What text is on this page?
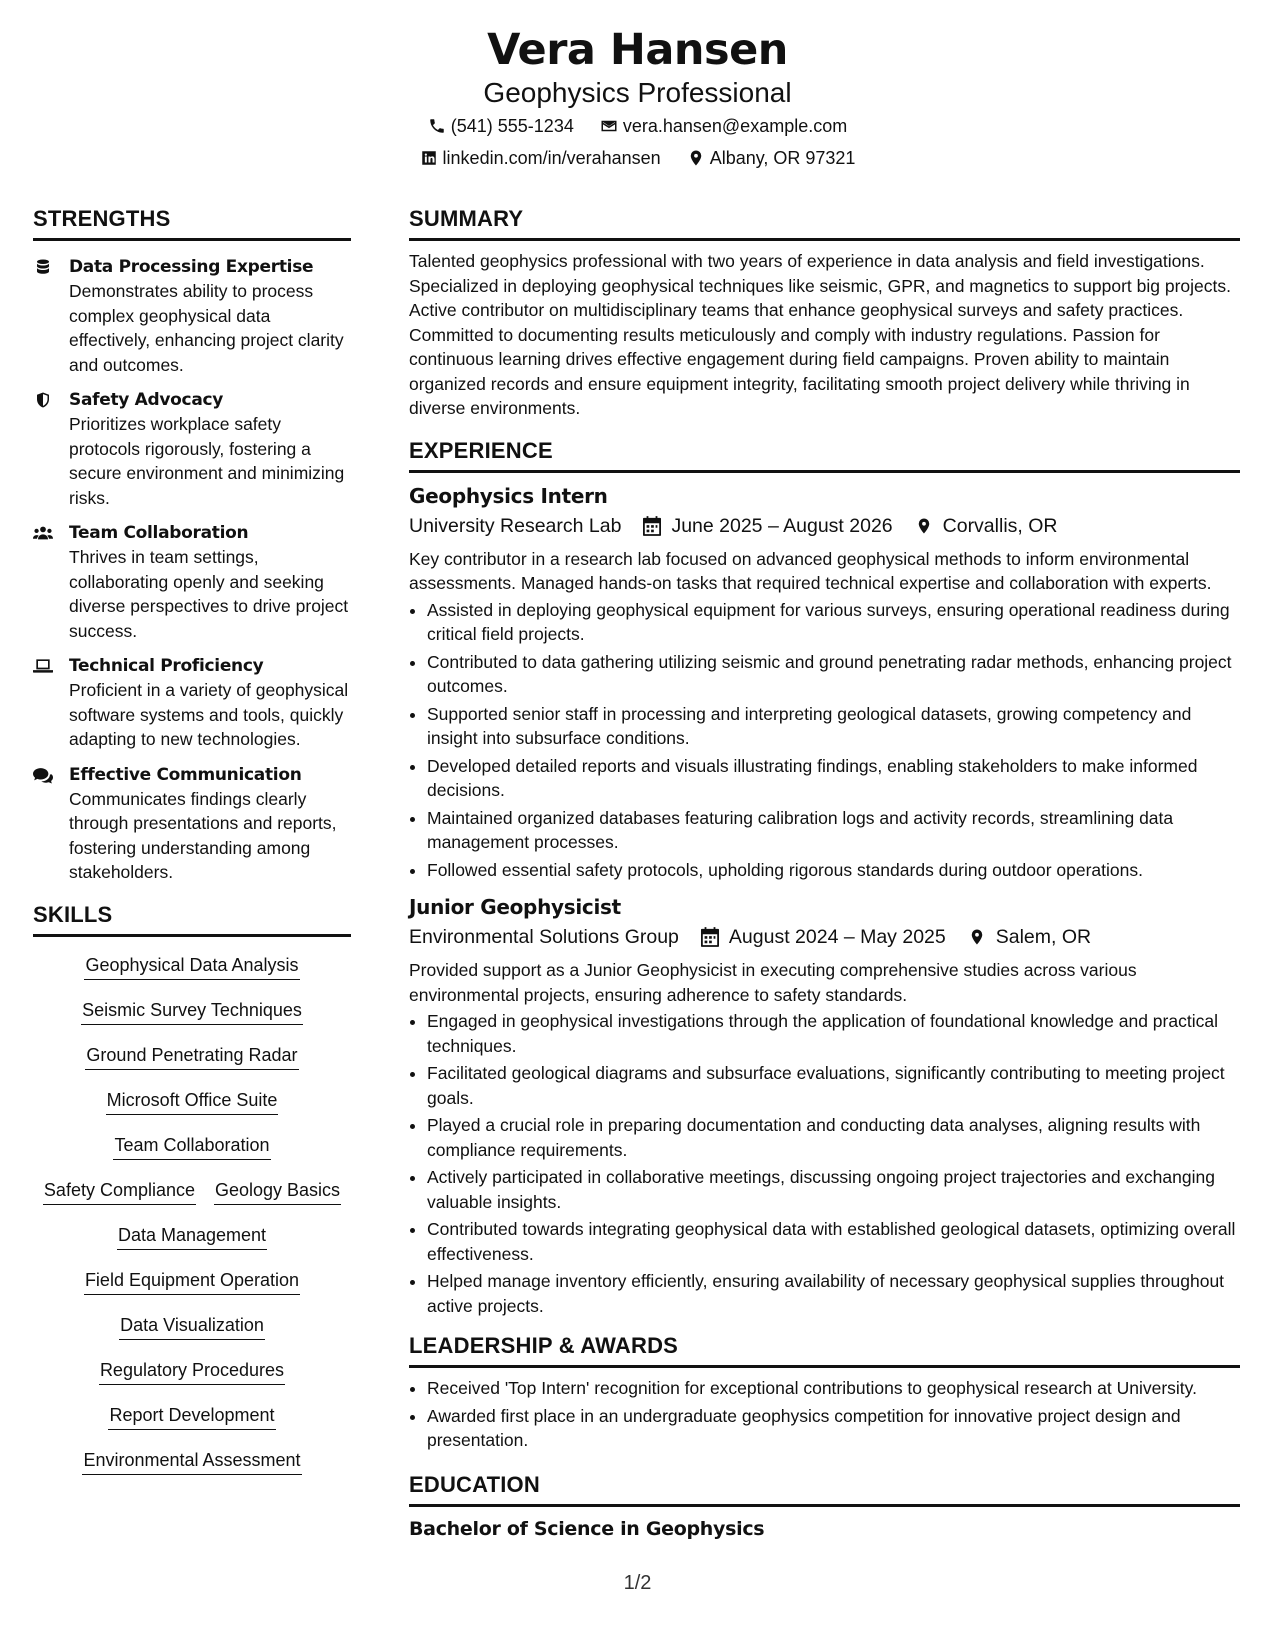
Vera Hansen
Geophysics Professional
(541) 555-1234	vera.hansen@example.com
linkedin.com/in/verahansen	Albany, OR 97321
STRENGTHS
Data Processing Expertise
Demonstrates ability to process complex geophysical data effectively, enhancing project clarity and outcomes.
Safety Advocacy
Prioritizes workplace safety protocols rigorously, fostering a secure environment and minimizing risks.
Team Collaboration
Thrives in team settings, collaborating openly and seeking diverse perspectives to drive project success.
Technical Proficiency
Proficient in a variety of geophysical software systems and tools, quickly adapting to new technologies.
Effective Communication
Communicates findings clearly through presentations and reports, fostering understanding among stakeholders.
SKILLS
Geophysical Data Analysis
Seismic Survey Techniques
Ground Penetrating Radar
Microsoft Office Suite
Team Collaboration
Safety Compliance Geology Basics
Data Management
Field Equipment Operation
Data Visualization
Regulatory Procedures
Report Development
Environmental Assessment
SUMMARY
Talented geophysics professional with two years of experience in data analysis and field investigations. Specialized in deploying geophysical techniques like seismic, GPR, and magnetics to support big projects. Active contributor on multidisciplinary teams that enhance geophysical surveys and safety practices. Committed to documenting results meticulously and comply with industry regulations. Passion for continuous learning drives effective engagement during field campaigns. Proven ability to maintain organized records and ensure equipment integrity, facilitating smooth project delivery while thriving in diverse environments.
EXPERIENCE
Geophysics Intern
University Research Lab	June 2025 – August 2026	Corvallis, OR
Key contributor in a research lab focused on advanced geophysical methods to inform environmental assessments. Managed hands-on tasks that required technical expertise and collaboration with experts.
• Assisted in deploying geophysical equipment for various surveys, ensuring operational readiness during critical field projects.
• Contributed to data gathering utilizing seismic and ground penetrating radar methods, enhancing project outcomes.
• Supported senior staff in processing and interpreting geological datasets, growing competency and insight into subsurface conditions.
• Developed detailed reports and visuals illustrating findings, enabling stakeholders to make informed decisions.
• Maintained organized databases featuring calibration logs and activity records, streamlining data management processes.
• Followed essential safety protocols, upholding rigorous standards during outdoor operations.
Junior Geophysicist
Environmental Solutions Group	August 2024 – May 2025	Salem, OR
Provided support as a Junior Geophysicist in executing comprehensive studies across various environmental projects, ensuring adherence to safety standards.
• Engaged in geophysical investigations through the application of foundational knowledge and practical techniques.
• Facilitated geological diagrams and subsurface evaluations, significantly contributing to meeting project goals.
• Played a crucial role in preparing documentation and conducting data analyses, aligning results with compliance requirements.
• Actively participated in collaborative meetings, discussing ongoing project trajectories and exchanging valuable insights.
• Contributed towards integrating geophysical data with established geological datasets, optimizing overall effectiveness.
• Helped manage inventory efficiently, ensuring availability of necessary geophysical supplies throughout active projects.
LEADERSHIP & AWARDS
• Received 'Top Intern' recognition for exceptional contributions to geophysical research at University.
• Awarded first place in an undergraduate geophysics competition for innovative project design and presentation.
EDUCATION
Bachelor of Science in Geophysics
1/2
